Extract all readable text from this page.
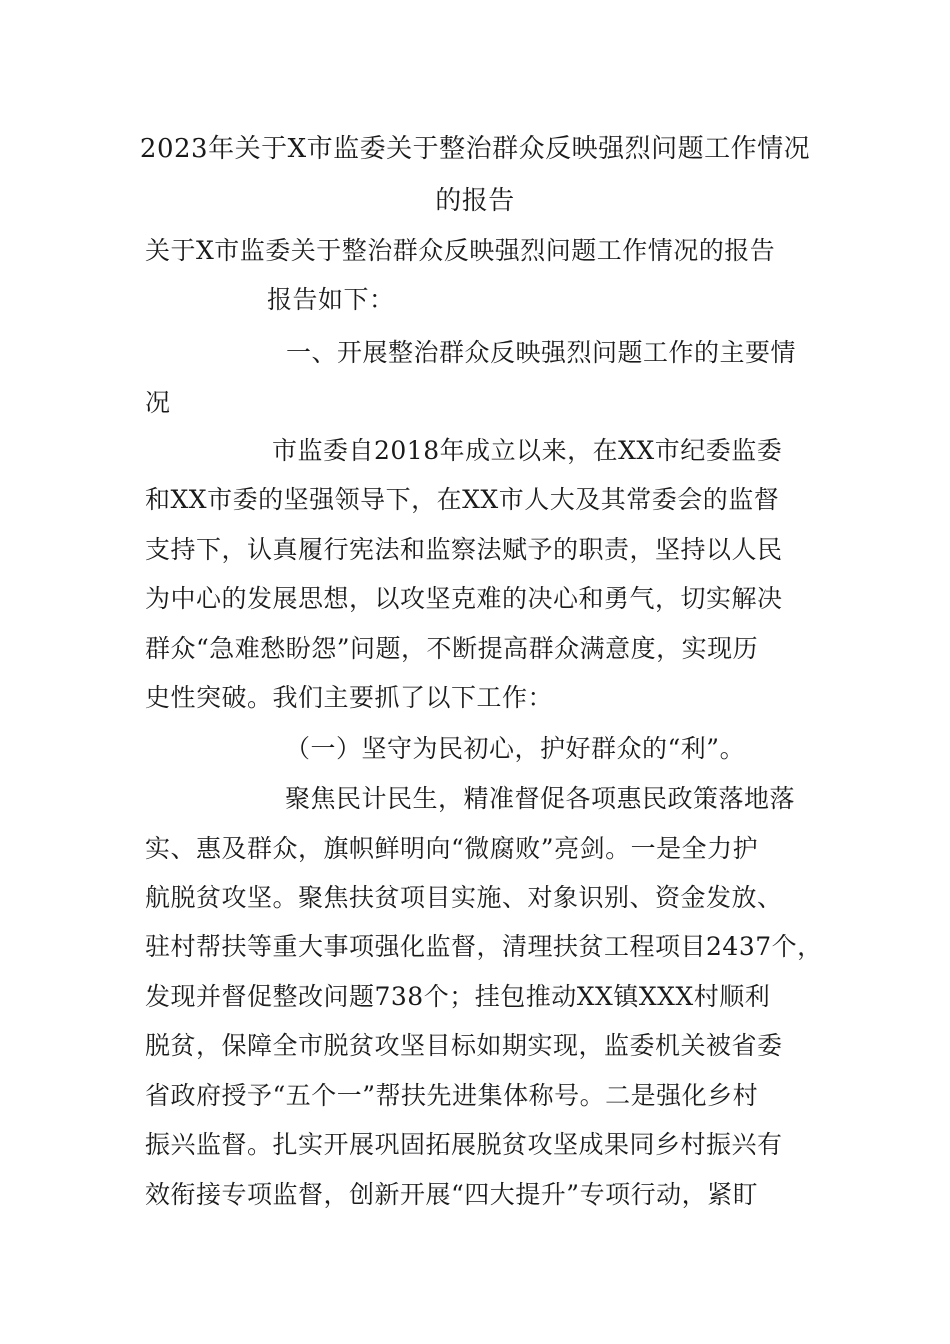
2023年关于X市监委关于整治群众反映强烈问题工作情况
的报告
关于X市监委关于整治群众反映强烈问题工作情况的报告
报告如下：
一、开展整治群众反映强烈问题工作的主要情
况
市监委自2018年成立以来，在XX市纪委监委
和XX市委的坚强领导下，在XX市人大及其常委会的监督
支持下，认真履行宪法和监察法赋予的职责，坚持以人民
为中心的发展思想，以攻坚克难的决心和勇气，切实解决
群众“急难愁盼怨”问题，不断提高群众满意度，实现历
史性突破。我们主要抓了以下工作：
（一）坚守为民初心，护好群众的“利”。
聚焦民计民生，精准督促各项惠民政策落地落
实、惠及群众，旗帜鲜明向“微腐败”亮剑。一是全力护
航脱贫攻坚。聚焦扶贫项目实施、对象识别、资金发放、
驻村帮扶等重大事项强化监督，清理扶贫工程项目2437个，
发现并督促整改问题738个；挂包推动XX镇XXX村顺利
脱贫，保障全市脱贫攻坚目标如期实现，监委机关被省委
省政府授予“五个一”帮扶先进集体称号。二是强化乡村
振兴监督。扎实开展巩固拓展脱贫攻坚成果同乡村振兴有
效衔接专项监督，创新开展“四大提升”专项行动，紧盯
